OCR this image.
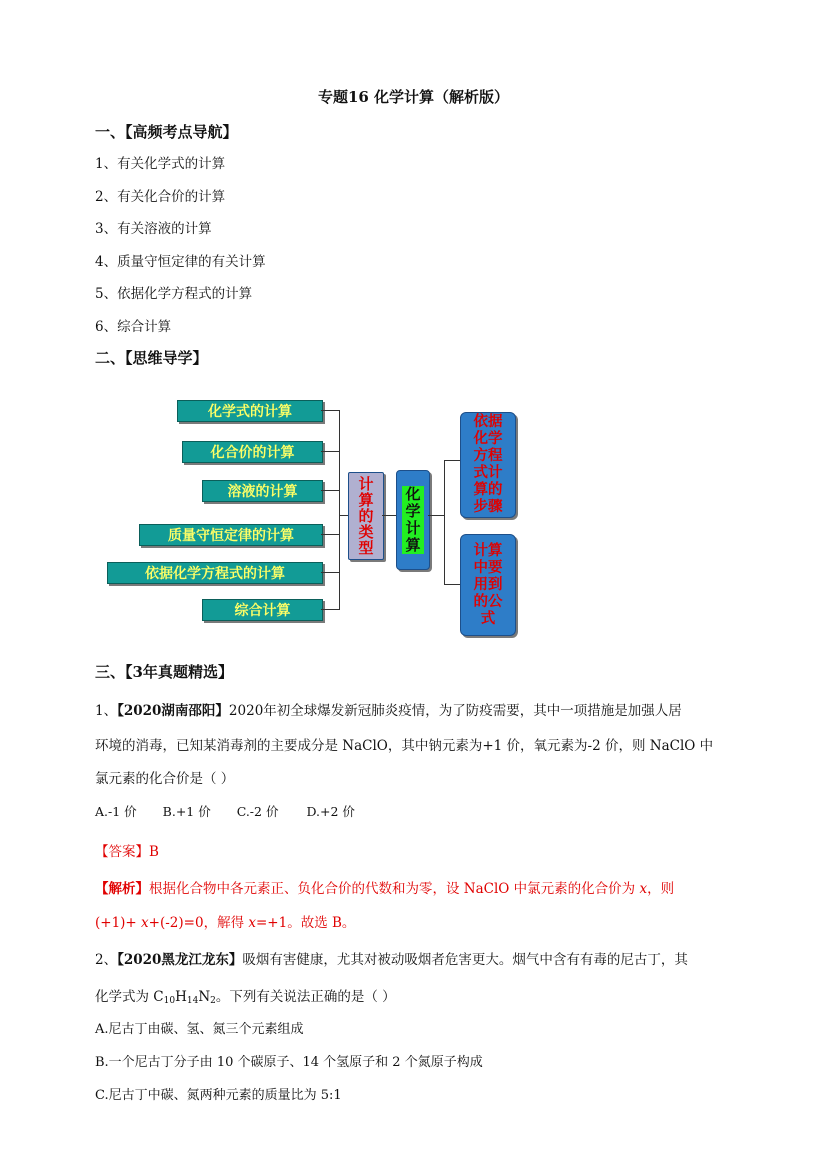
专题16 化学计算（解析版）
一、【高频考点导航】
1、有关化学式的计算
2、有关化合价的计算
3、有关溶液的计算
4、质量守恒定律的有关计算
5、依据化学方程式的计算
6、综合计算
二、【思维导学】
化学式的计算
化合价的计算
溶液的计算
质量守恒定律的计算
依据化学方程式的计算
综合计算
计
算
的
类
型
化
学
计
算
依据
化学
方程
式计
算的
步骤
计算
中要
用到
的公
式
三、【3年真题精选】
1、【2020湖南邵阳】2020年初全球爆发新冠肺炎疫情，为了防疫需要，其中一项措施是加强人居
环境的消毒，已知某消毒剂的主要成分是 NaClO，其中钠元素为+1 价，氧元素为-2 价，则 NaClO 中
氯元素的化合价是（ ）
A.-1 价 B.+1 价 C.-2 价 D.+2 价
【答案】B
【解析】根据化合物中各元素正、负化合价的代数和为零，设 NaClO 中氯元素的化合价为 x，则
(+1)+ x+(-2)=0，解得 x=+1。故选 B。
2、【2020黑龙江龙东】吸烟有害健康，尤其对被动吸烟者危害更大。烟气中含有有毒的尼古丁，其
化学式为 $C_{10}H_{14}N_2$。下列有关说法正确的是（ ）
A.尼古丁由碳、氢、氮三个元素组成
B.一个尼古丁分子由 10 个碳原子、14 个氢原子和 2 个氮原子构成
C.尼古丁中碳、氮两种元素的质量比为 5:1
